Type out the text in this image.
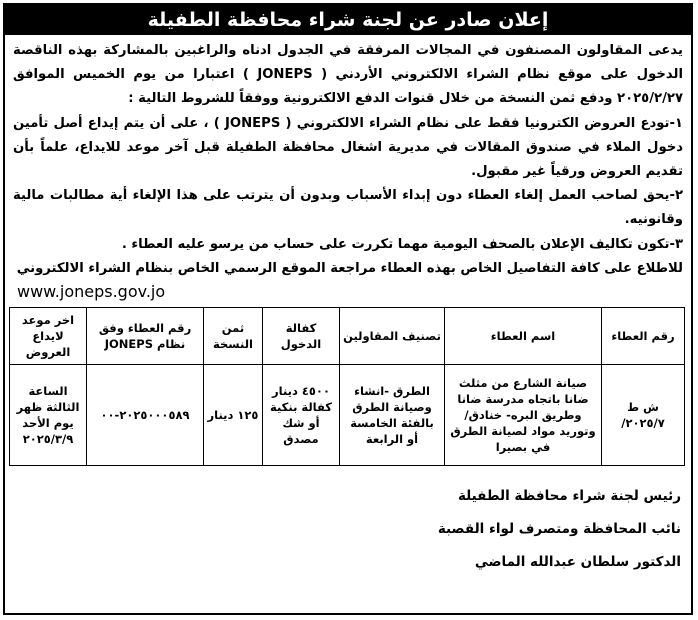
إعلان صادر عن لجنة شراء محافظة الطفيلة

يدعى المقاولون المصنفون في المجالات المرفقة في الجدول ادناه والراغبين بالمشاركة بهذه الناقصة الدخول على موقع نظام الشراء الالكتروني الأردني ( JONEPS ) اعتبارا من يوم الخميس الموافق ٢٠٢٥/٢/٢٧ ودفع ثمن النسخة من خلال قنوات الدفع الالكترونية ووفقاً للشروط التالية :

١-تودع العروض الكترونيا فقط على نظام الشراء الالكتروني ( JONEPS ) ، على أن يتم إيداع أصل تأمين دخول الملاء في صندوق المقالات في مديرية اشغال محافظة الطفيلة قبل آخر موعد للايداع، علماً بأن تقديم العروض ورقياً غير مقبول.

٢-يحق لصاحب العمل إلغاء العطاء دون إبداء الأسباب وبدون أن يترتب على هذا الإلغاء أية مطالبات مالية وقانونيه.

٣-تكون تكاليف الإعلان بالصحف اليومية مهما تكررت على حساب من يرسو عليه العطاء .

للاطلاع على كافة التفاصيل الخاص بهذه العطاء مراجعة الموقع الرسمي الخاص بنظام الشراء الالكتروني

www.joneps.gov.jo
رقم العطاء	اسم العطاء	تصنيف المقاولين	كفالة الدخول	ثمن النسخة	رقم العطاء وفق نظام JONEPS	اخر موعد لايداع العروض
ش ط ٢٠٢٥/٧/	صيانة الشارع من مثلث ضانا باتجاه مدرسة ضانا وطريق البره- خنادق/ وتوريد مواد لصيانة الطرق في بصيرا	الطرق -انشاء وصيانة الطرق بالفئة الخامسة أو الرابعة	٤٥٠٠ دينار كفالة بنكية أو شك مصدق	١٢٥ دينار	٢٠٢٥٠٠٠٥٨٩-٠٠	الساعة الثالثة ظهر يوم الأحد ٢٠٢٥/٣/٩
رئيس لجنة شراء محافظة الطفيلة
نائب المحافظة ومتصرف لواء القصبة
الدكتور سلطان عبدالله الماضي
